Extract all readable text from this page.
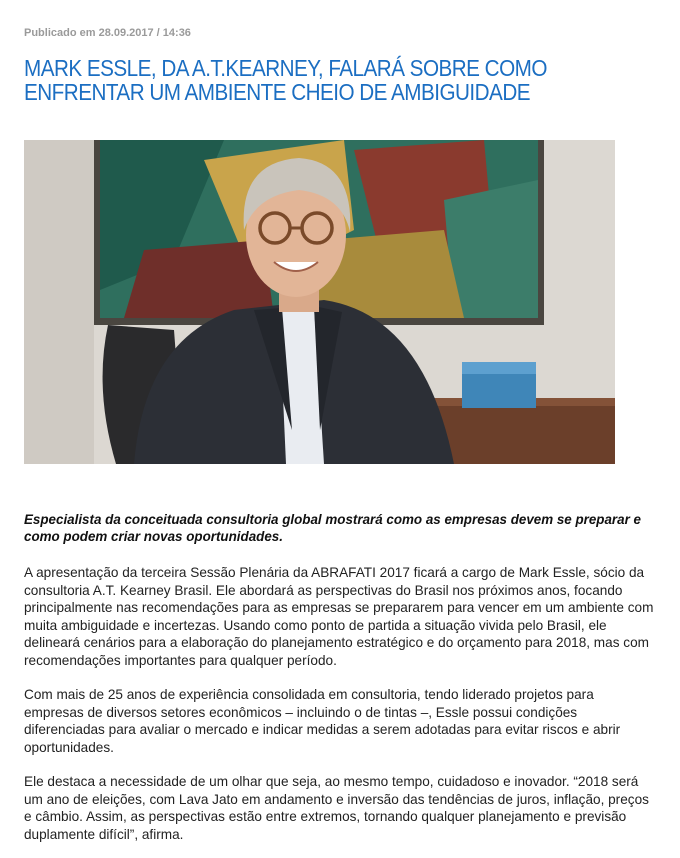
Publicado em 28.09.2017 / 14:36
MARK ESSLE, DA A.T.KEARNEY, FALARÁ SOBRE COMO ENFRENTAR UM AMBIENTE CHEIO DE AMBIGUIDADE

Especialista da conceituada consultoria global mostrará como as empresas devem se preparar e como podem criar novas oportunidades.

A apresentação da terceira Sessão Plenária da ABRAFATI 2017 ficará a cargo de Mark Essle, sócio da consultoria A.T. Kearney Brasil. Ele abordará as perspectivas do Brasil nos próximos anos, focando principalmente nas recomendações para as empresas se prepararem para vencer em um ambiente com muita ambiguidade e incertezas. Usando como ponto de partida a situação vivida pelo Brasil, ele delineará cenários para a elaboração do planejamento estratégico e do orçamento para 2018, mas com recomendações importantes para qualquer período.

Com mais de 25 anos de experiência consolidada em consultoria, tendo liderado projetos para empresas de diversos setores econômicos – incluindo o de tintas –, Essle possui condições diferenciadas para avaliar o mercado e indicar medidas a serem adotadas para evitar riscos e abrir oportunidades.

Ele destaca a necessidade de um olhar que seja, ao mesmo tempo, cuidadoso e inovador. “2018 será um ano de eleições, com Lava Jato em andamento e inversão das tendências de juros, inflação, preços e câmbio. Assim, as perspectivas estão entre extremos, tornando qualquer planejamento e previsão duplamente difícil”, afirma.
